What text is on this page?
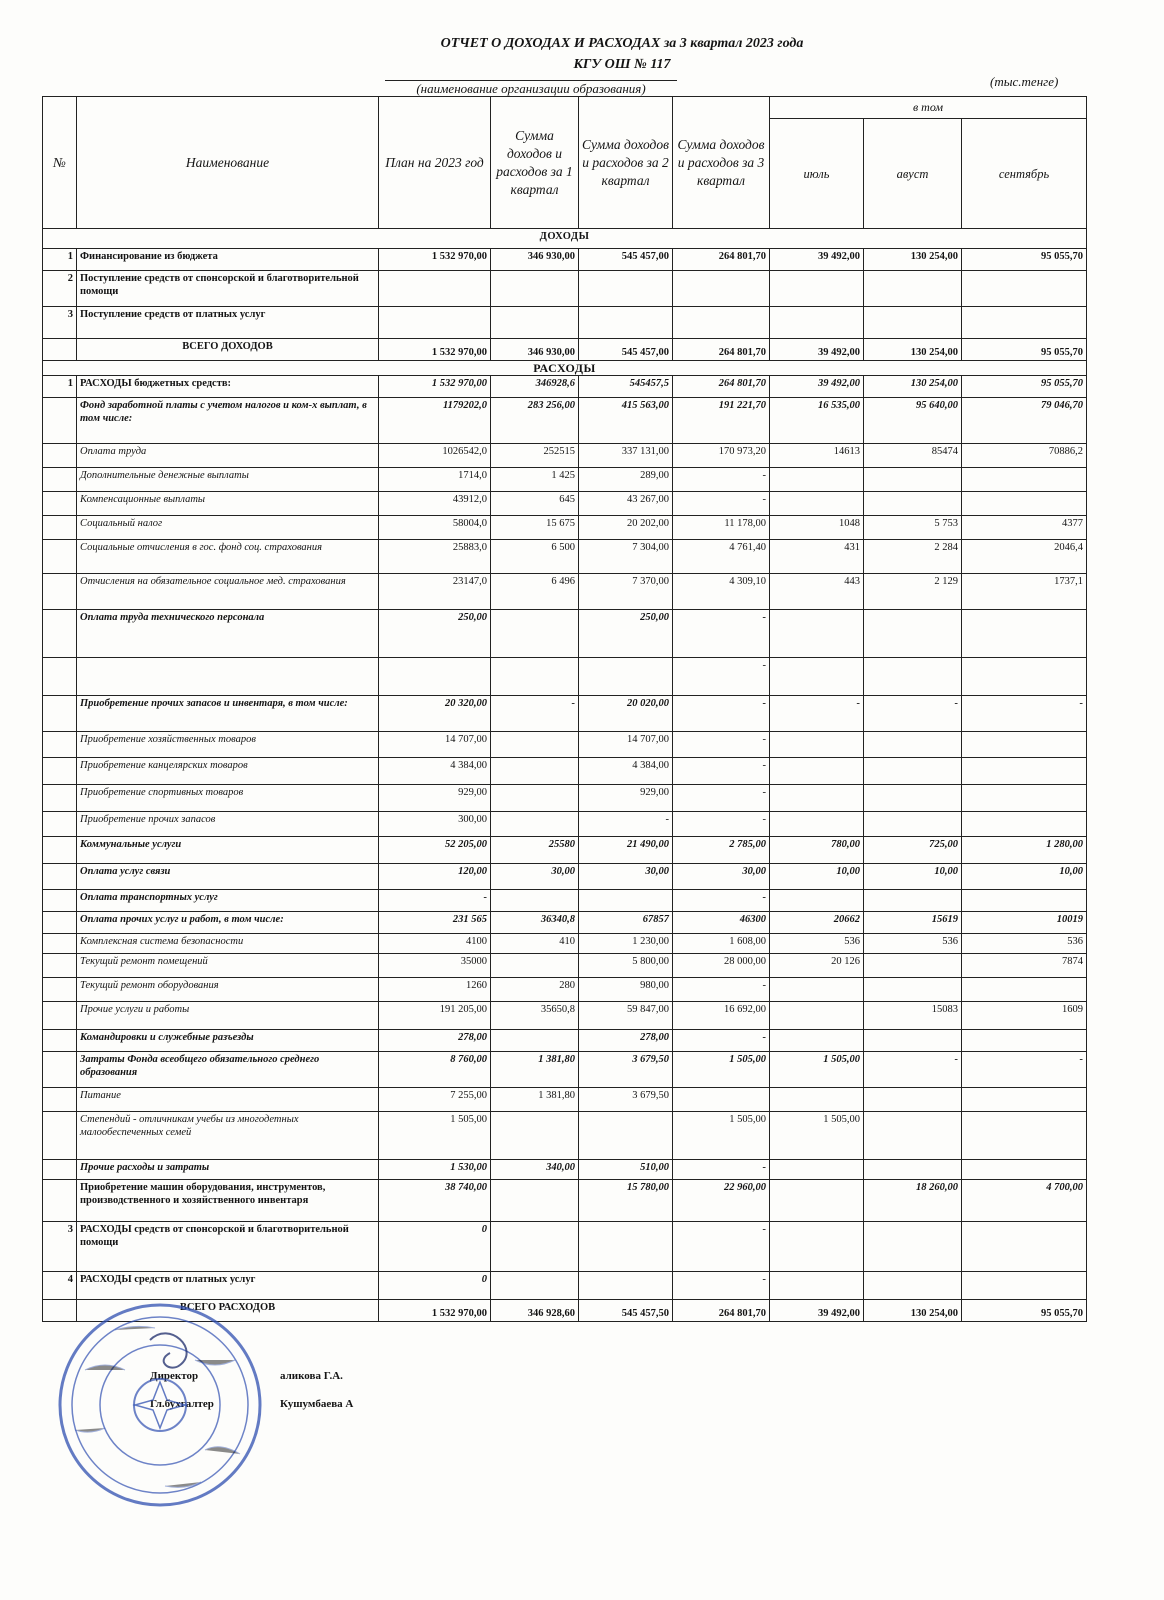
ОТЧЕТ О ДОХОДАХ И РАСХОДАХ за 3 квартал 2023 года
КГУ ОШ № 117
(наименование организации образования)	(тыс.тенге)
№	Наименование	План на 2023 год	Сумма доходов и расходов за 1 квартал	Сумма доходов и расходов за 2 квартал	Сумма доходов и расходов за 3 квартал	в том		
						июль	авуст	сентябрь
ДОХОДЫ								
1	Финансирование из бюджета	1 532 970,00	346 930,00	545 457,00	264 801,70	39 492,00	130 254,00	95 055,70
2	Поступление средств от спонсорской и благотворительной помощи							
3	Поступление средств от платных услуг							
	ВСЕГО ДОХОДОВ	1 532 970,00	346 930,00	545 457,00	264 801,70	39 492,00	130 254,00	95 055,70
РАСХОДЫ								
1	РАСХОДЫ бюджетных средств:	1 532 970,00	346928,6	545457,5	264 801,70	39 492,00	130 254,00	95 055,70
	Фонд заработной платы с учетом налогов и ком-х выплат, в том числе:	1179202,0	283 256,00	415 563,00	191 221,70	16 535,00	95 640,00	79 046,70
	Оплата труда	1026542,0	252515	337 131,00	170 973,20	14613	85474	70886,2
	Дополнительные денежные выплаты	1714,0	1 425	289,00	-			
	Компенсационные выплаты	43912,0	645	43 267,00	-			
	Социальный налог	58004,0	15 675	20 202,00	11 178,00	1048	5 753	4377
	Социальные отчисления в гос. фонд соц. страхования	25883,0	6 500	7 304,00	4 761,40	431	2 284	2046,4
	Отчисления на обязательное социальное мед. страхования	23147,0	6 496	7 370,00	4 309,10	443	2 129	1737,1
	Оплата труда технического персонала	250,00		250,00	-			
					-			
	Приобретение прочих запасов и инвентаря, в том числе:	20 320,00	-	20 020,00	-	-	-	-
	Приобретение хозяйственных товаров	14 707,00		14 707,00	-			
	Приобретение канцелярских товаров	4 384,00		4 384,00	-			
	Приобретение спортивных товаров	929,00		929,00	-			
	Приобретение прочих запасов	300,00		-	-			
	Коммунальные услуги	52 205,00	25580	21 490,00	2 785,00	780,00	725,00	1 280,00
	Оплата услуг связи	120,00	30,00	30,00	30,00	10,00	10,00	10,00
	Оплата транспортных услуг	-			-			
	Оплата прочих услуг и работ, в том числе:	231 565	36340,8	67857	46300	20662	15619	10019
	Комплексная система безопасности	4100	410	1 230,00	1 608,00	536	536	536
	Текущий ремонт помещений	35000		5 800,00	28 000,00	20 126		7874
	Текущий ремонт оборудования	1260	280	980,00	-			
	Прочие услуги и работы	191 205,00	35650,8	59 847,00	16 692,00		15083	1609
	Командировки и служебные разъезды	278,00		278,00	-			
	Затраты Фонда всеобщего обязательного среднего образования	8 760,00	1 381,80	3 679,50	1 505,00	1 505,00	-	-
	Питание	7 255,00	1 381,80	3 679,50				
	Степендий - отличникам учебы из многодетных малообеспеченных семей	1 505,00			1 505,00	1 505,00		
	Прочие расходы и затраты	1 530,00	340,00	510,00	-			
	Приобретение машин оборудования, инструментов, производственного и хозяйственного инвентаря	38 740,00		15 780,00	22 960,00		18 260,00	4 700,00
3	РАСХОДЫ средств от спонсорской и благотворительной помощи	0			-			
4	РАСХОДЫ средств от платных услуг	0			-			
	ВСЕГО РАСХОДОВ	1 532 970,00	346 928,60	545 457,50	264 801,70	39 492,00	130 254,00	95 055,70
Директор	аликова Г.А.
Гл.бухгалтер	Кушумбаева А
